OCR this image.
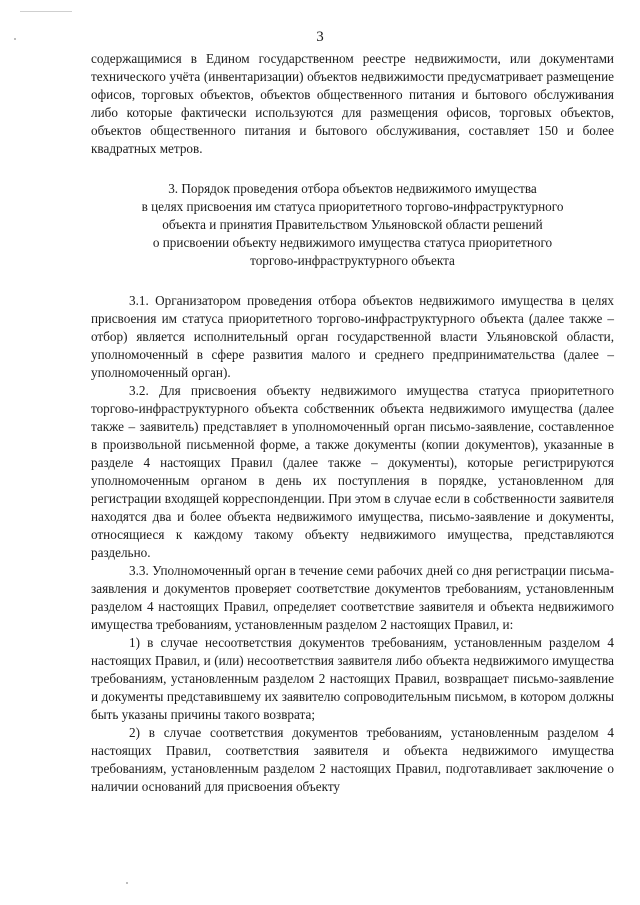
3

содержащимися в Едином государственном реестре недвижимости, или документами технического учёта (инвентаризации) объектов недвижимости предусматривает размещение офисов, торговых объектов, объектов общественного питания и бытового обслуживания либо которые фактически используются для размещения офисов, торговых объектов, объектов общественного питания и бытового обслуживания, составляет 150 и более квадратных метров.

3. Порядок проведения отбора объектов недвижимого имущества
в целях присвоения им статуса приоритетного торгово-инфраструктурного
объекта и принятия Правительством Ульяновской области решений
о присвоении объекту недвижимого имущества статуса приоритетного
торгово-инфраструктурного объекта

3.1. Организатором проведения отбора объектов недвижимого имущества в целях присвоения им статуса приоритетного торгово-инфраструктурного объекта (далее также – отбор) является исполнительный орган государственной власти Ульяновской области, уполномоченный в сфере развития малого и среднего предпринимательства (далее – уполномоченный орган).

3.2. Для присвоения объекту недвижимого имущества статуса приоритетного торгово-инфраструктурного объекта собственник объекта недвижимого имущества (далее также – заявитель) представляет в уполномоченный орган письмо-заявление, составленное в произвольной письменной форме, а также документы (копии документов), указанные в разделе 4 настоящих Правил (далее также – документы), которые регистрируются уполномоченным органом в день их поступления в порядке, установленном для регистрации входящей корреспонденции. При этом в случае если в собственности заявителя находятся два и более объекта недвижимого имущества, письмо-заявление и документы, относящиеся к каждому такому объекту недвижимого имущества, представляются раздельно.

3.3. Уполномоченный орган в течение семи рабочих дней со дня регистрации письма-заявления и документов проверяет соответствие документов требованиям, установленным разделом 4 настоящих Правил, определяет соответствие заявителя и объекта недвижимого имущества требованиям, установленным разделом 2 настоящих Правил, и:

1) в случае несоответствия документов требованиям, установленным разделом 4 настоящих Правил, и (или) несоответствия заявителя либо объекта недвижимого имущества требованиям, установленным разделом 2 настоящих Правил, возвращает письмо-заявление и документы представившему их заявителю сопроводительным письмом, в котором должны быть указаны причины такого возврата;

2) в случае соответствия документов требованиям, установленным разделом 4 настоящих Правил, соответствия заявителя и объекта недвижимого имущества требованиям, установленным разделом 2 настоящих Правил, подготавливает заключение о наличии оснований для присвоения объекту
